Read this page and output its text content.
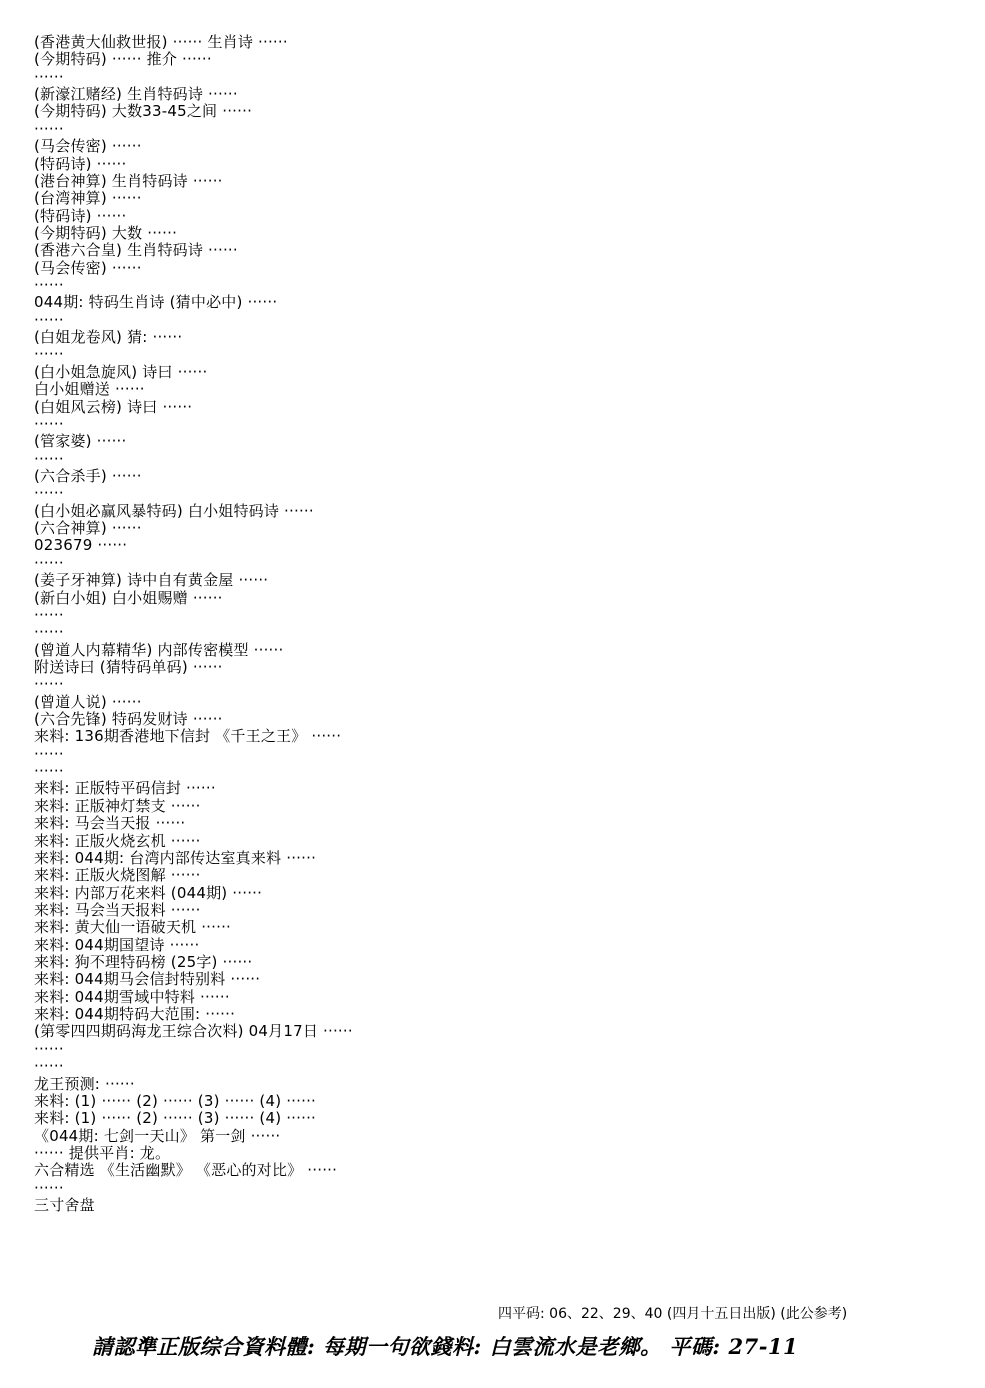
(香港黄大仙救世报) ······ 生肖诗 ······
(今期特码) ······ 推介 ······
······
(新濠江赌经) 生肖特码诗 ······
(今期特码) 大数33-45之间 ······
······
(马会传密) ······
(特码诗) ······
(港台神算) 生肖特码诗 ······
(台湾神算) ······
(特码诗) ······
(今期特码) 大数 ······
(香港六合皇) 生肖特码诗 ······
(马会传密) ······
······
044期: 特码生肖诗 (猜中必中) ······
······
(白姐龙卷风) 猜: ······
······
(白小姐急旋风) 诗曰 ······
白小姐赠送 ······
(白姐风云榜) 诗曰 ······
······
(管家婆) ······
······
(六合杀手) ······
······
(白小姐必赢风暴特码) 白小姐特码诗 ······
(六合神算) ······
023679 ······
······
(姜子牙神算) 诗中自有黄金屋 ······
(新白小姐) 白小姐赐赠 ······
······
······
(曾道人内幕精华) 内部传密模型 ······
附送诗曰 (猜特码单码) ······
······
(曾道人说) ······
(六合先锋) 特码发财诗 ······
来料: 136期香港地下信封 《千王之王》 ······
······
······
来料: 正版特平码信封 ······
来料: 正版神灯禁支 ······
来料: 马会当天报 ······
来料: 正版火烧玄机 ······
来料: 044期: 台湾内部传达室真来料 ······
来料: 正版火烧图解 ······
来料: 内部万花来料 (044期) ······
来料: 马会当天报料 ······
来料: 黄大仙一语破天机 ······
来料: 044期国望诗 ······
来料: 狗不理特码榜 (25字) ······
来料: 044期马会信封特别料 ······
来料: 044期雪域中特料 ······
来料: 044期特码大范围: ······
(第零四四期码海龙王综合次料) 04月17日 ······
······
······
龙王预测: ······
来料: (1) ······ (2) ······ (3) ······ (4) ······
来料: (1) ······ (2) ······ (3) ······ (4) ······
《044期: 七剑一天山》 第一剑 ······
······ 提供平肖: 龙。
六合精选 《生活幽默》 《恶心的对比》 ······
······
三寸舍盘
四平码: 06、22、29、40 (四月十五日出版) (此公参考)
請認準正版综合資料體: 每期一句欲錢料: 白雲流水是老鄉。 平碼: 27-11
